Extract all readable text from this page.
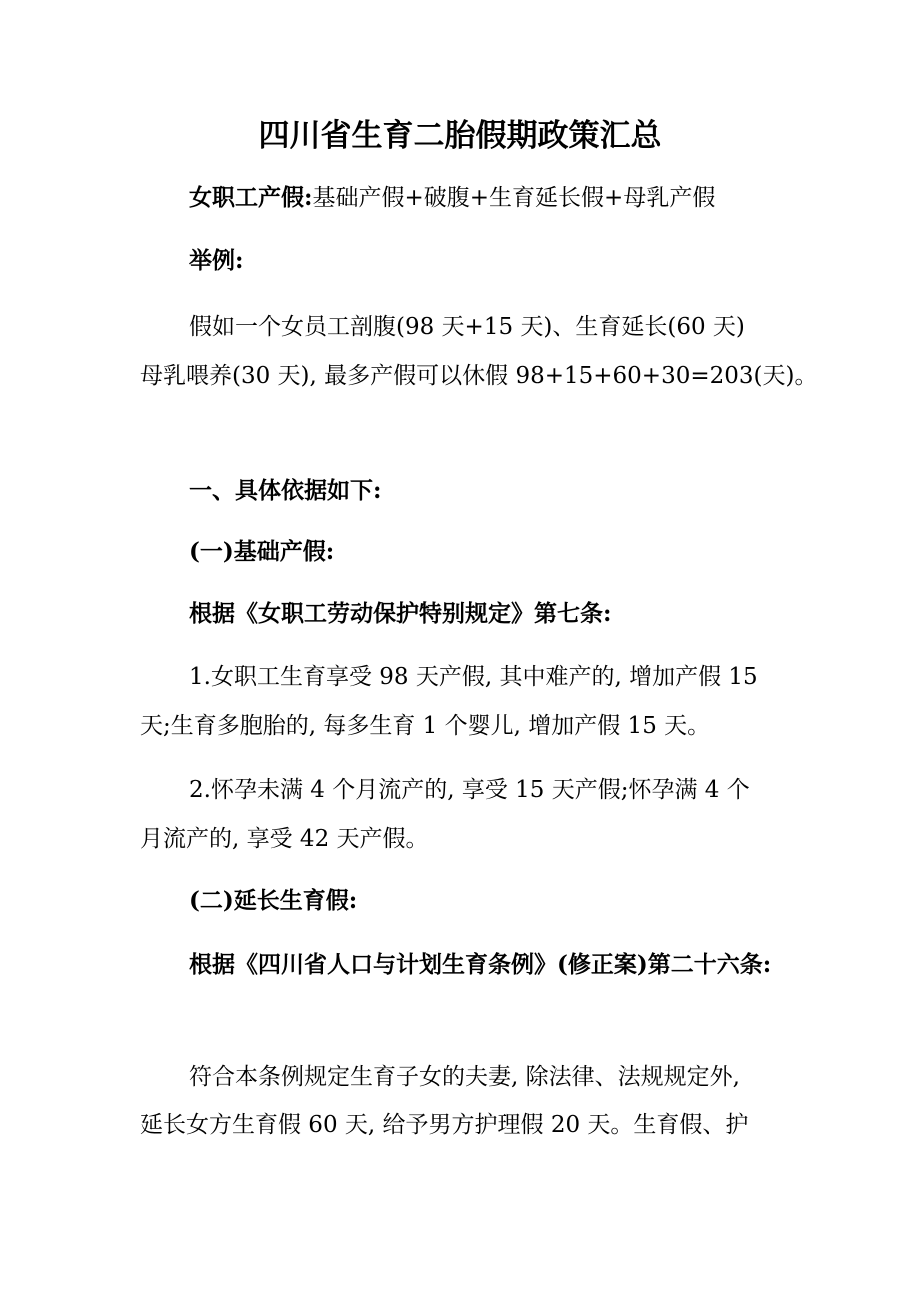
四川省生育二胎假期政策汇总
女职工产假:基础产假+破腹+生育延长假+母乳产假
举例:
假如一个女员工剖腹(98 天+15 天)、生育延长(60 天)
母乳喂养(30 天), 最多产假可以休假 98+15+60+30=203(天)。
一、具体依据如下:
(一)基础产假:
根据《女职工劳动保护特别规定》第七条:
1.女职工生育享受 98 天产假, 其中难产的, 增加产假 15
天;生育多胞胎的, 每多生育 1 个婴儿, 增加产假 15 天。
2.怀孕未满 4 个月流产的, 享受 15 天产假;怀孕满 4 个
月流产的, 享受 42 天产假。
(二)延长生育假:
根据《四川省人口与计划生育条例》(修正案)第二十六条:
符合本条例规定生育子女的夫妻, 除法律、法规规定外,
延长女方生育假 60 天, 给予男方护理假 20 天。生育假、护
